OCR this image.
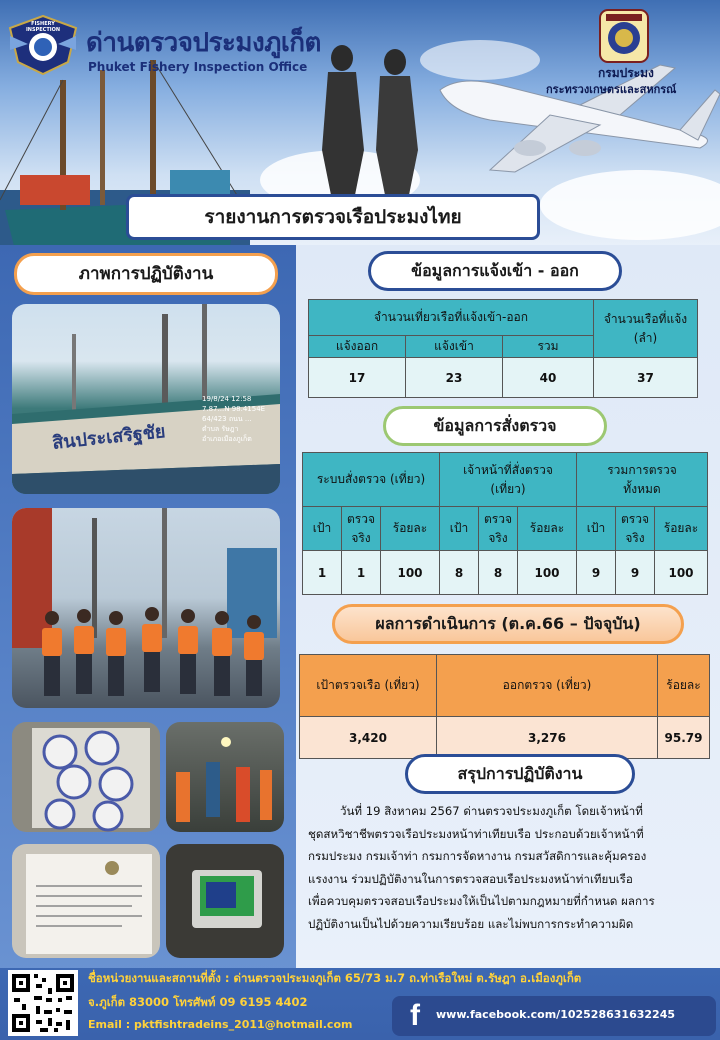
FISHERY INSPECTION ด่านตรวจประมงภูเก็ต
Phuket Fishery Inspection Office	กรมประมง
กระทรวงเกษตรและสหกรณ์
รายงานการตรวจเรือประมงไทย
ภาพการปฏิบัติงาน
สินประเสริฐชัย
19/8/24 12:58
7.87...N 98.4154E
64/423 ถนน ...
ตำบล รัษฎา
อำเภอเมืองภูเก็ต
ข้อมูลการแจ้งเข้า - ออก
จำนวนเที่ยวเรือที่แจ้งเข้า-ออก			จำนวนเรือที่แจ้ง (ลำ)
แจ้งออก	แจ้งเข้า	รวม	
17	23	40	37
ข้อมูลการสั่งตรวจ
ระบบสั่งตรวจ (เที่ยว)			เจ้าหน้าที่สั่งตรวจ (เที่ยว)			รวมการตรวจ ทั้งหมด		
เป้า	ตรวจ จริง	ร้อยละ	เป้า	ตรวจ จริง	ร้อยละ	เป้า	ตรวจ จริง	ร้อยละ
1	1	100	8	8	100	9	9	100
ผลการดำเนินการ (ต.ค.66 – ปัจจุบัน)
เป้าตรวจเรือ (เที่ยว)	ออกตรวจ (เที่ยว)	ร้อยละ
3,420	3,276	95.79
สรุปการปฏิบัติงาน
วันที่ 19 สิงหาคม 2567 ด่านตรวจประมงภูเก็ต โดยเจ้าหน้าที่
ชุดสหวิชาชีพตรวจเรือประมงหน้าท่าเทียบเรือ ประกอบด้วยเจ้าหน้าที่
กรมประมง กรมเจ้าท่า กรมการจัดหางาน กรมสวัสดิการและคุ้มครอง
แรงงาน ร่วมปฏิบัติงานในการตรวจสอบเรือประมงหน้าท่าเทียบเรือ
เพื่อควบคุมตรวจสอบเรือประมงให้เป็นไปตามกฎหมายที่กำหนด ผลการ
ปฏิบัติงานเป็นไปด้วยความเรียบร้อย และไม่พบการกระทำความผิด
ชื่อหน่วยงานและสถานที่ตั้ง : ด่านตรวจประมงภูเก็ต 65/73 ม.7 ถ.ท่าเรือใหม่ ต.รัษฎา อ.เมืองภูเก็ต
จ.ภูเก็ต 83000 โทรศัพท์ 09 6195 4402
Email : pktfishtradeins_2011@hotmail.com f	www.facebook.com/102528631632245
